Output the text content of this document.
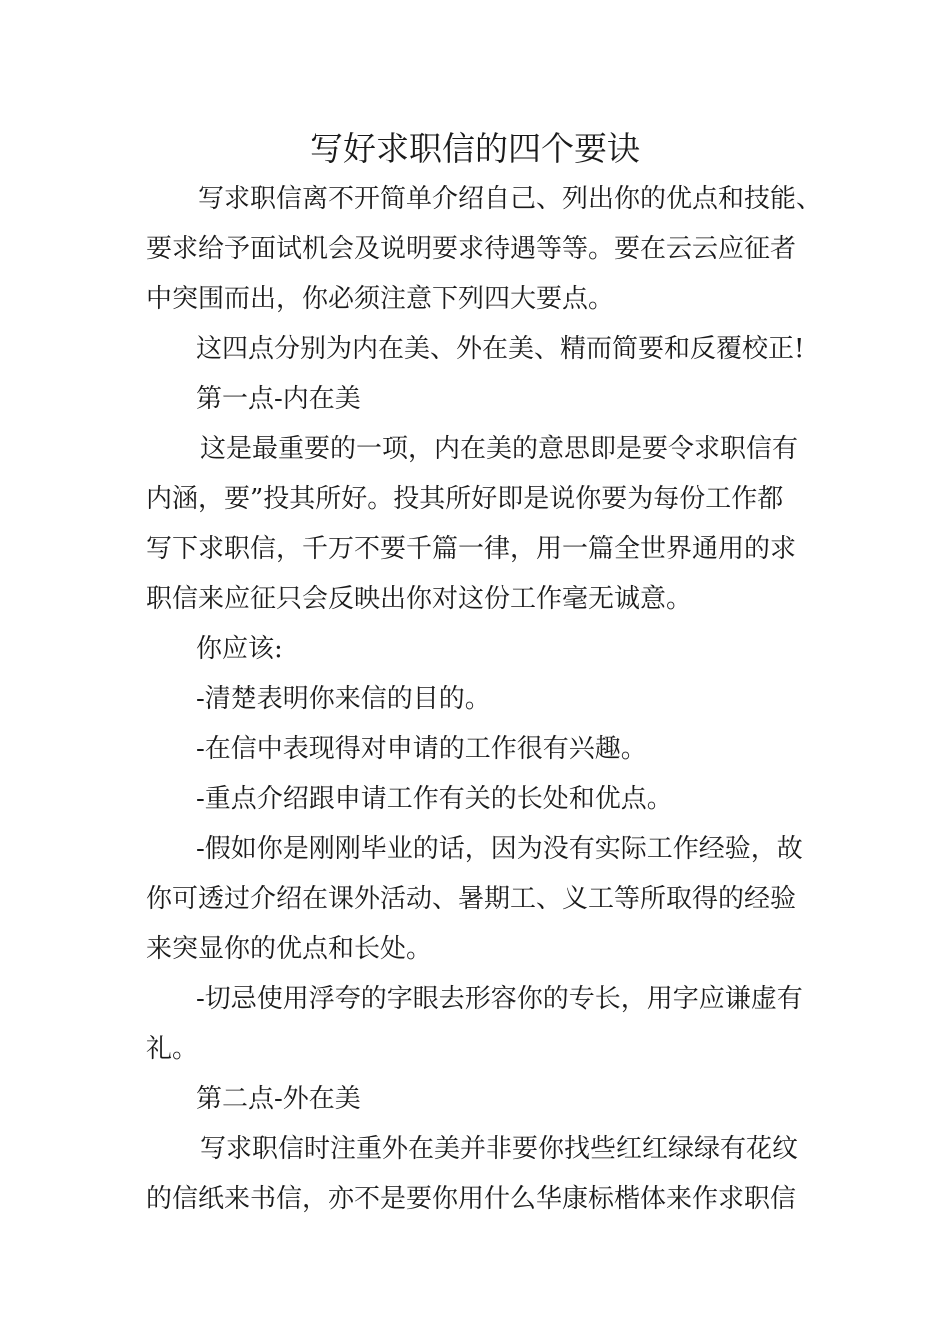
写好求职信的四个要诀

写求职信离不开简单介绍自己、列出你的优点和技能、

要求给予面试机会及说明要求待遇等等。要在云云应征者

中突围而出，你必须注意下列四大要点。

这四点分别为内在美、外在美、精而简要和反覆校正!

第一点-内在美

这是最重要的一项，内在美的意思即是要令求职信有

内涵，要”投其所好。投其所好即是说你要为每份工作都

写下求职信，千万不要千篇一律，用一篇全世界通用的求

职信来应征只会反映出你对这份工作毫无诚意。

你应该:

-清楚表明你来信的目的。

-在信中表现得对申请的工作很有兴趣。

-重点介绍跟申请工作有关的长处和优点。

-假如你是刚刚毕业的话，因为没有实际工作经验，故

你可透过介绍在课外活动、暑期工、义工等所取得的经验

来突显你的优点和长处。

-切忌使用浮夸的字眼去形容你的专长，用字应谦虚有

礼。

第二点-外在美

写求职信时注重外在美并非要你找些红红绿绿有花纹

的信纸来书信，亦不是要你用什么华康标楷体来作求职信
